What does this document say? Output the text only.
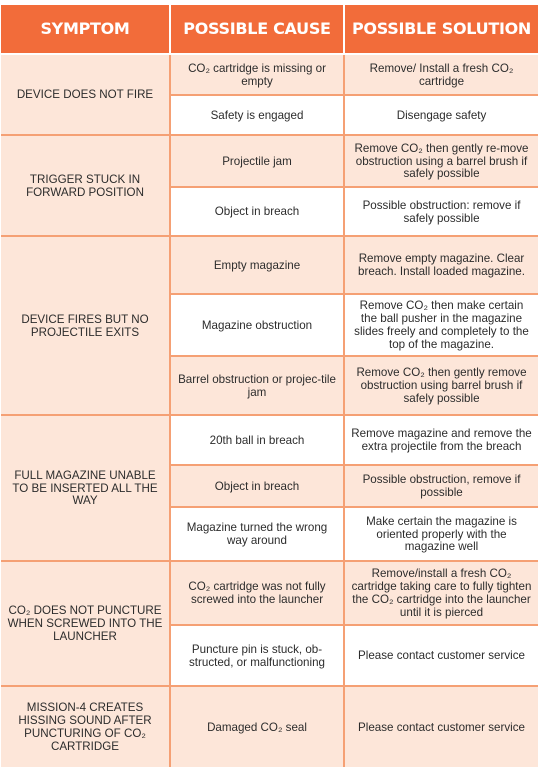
SYMPTOM	POSSIBLE CAUSE	POSSIBLE SOLUTION
DEVICE DOES NOT FIRE	CO₂ cartridge is missing or empty	Remove/ Install a fresh CO₂ cartridge
	Safety is engaged	Disengage safety
TRIGGER STUCK IN FORWARD POSITION	Projectile jam	Remove CO₂ then gently re-move obstruction using a barrel brush if safely possible
	Object in breach	Possible obstruction: remove if safely possible
DEVICE FIRES BUT NO PROJECTILE EXITS	Empty magazine	Remove empty magazine. Clear breach. Install loaded magazine.
	Magazine obstruction	Remove CO₂ then make certain the ball pusher in the magazine slides freely and completely to the top of the magazine.
	Barrel obstruction or projec-tile jam	Remove CO₂ then gently remove obstruction using barrel brush if safely possible
FULL MAGAZINE UNABLE TO BE INSERTED ALL THE WAY	20th ball in breach	Remove magazine and remove the extra projectile from the breach
	Object in breach	Possible obstruction, remove if possible
	Magazine turned the wrong way around	Make certain the magazine is oriented properly with the magazine well
CO₂ DOES NOT PUNCTURE WHEN SCREWED INTO THE LAUNCHER	CO₂ cartridge was not fully screwed into the launcher	Remove/install a fresh CO₂ cartridge taking care to fully tighten the CO₂ cartridge into the launcher until it is pierced
	Puncture pin is stuck, ob-structed, or malfunctioning	Please contact customer service
MISSION-4 CREATES HISSING SOUND AFTER PUNCTURING OF CO₂ CARTRIDGE	Damaged CO₂ seal	Please contact customer service
